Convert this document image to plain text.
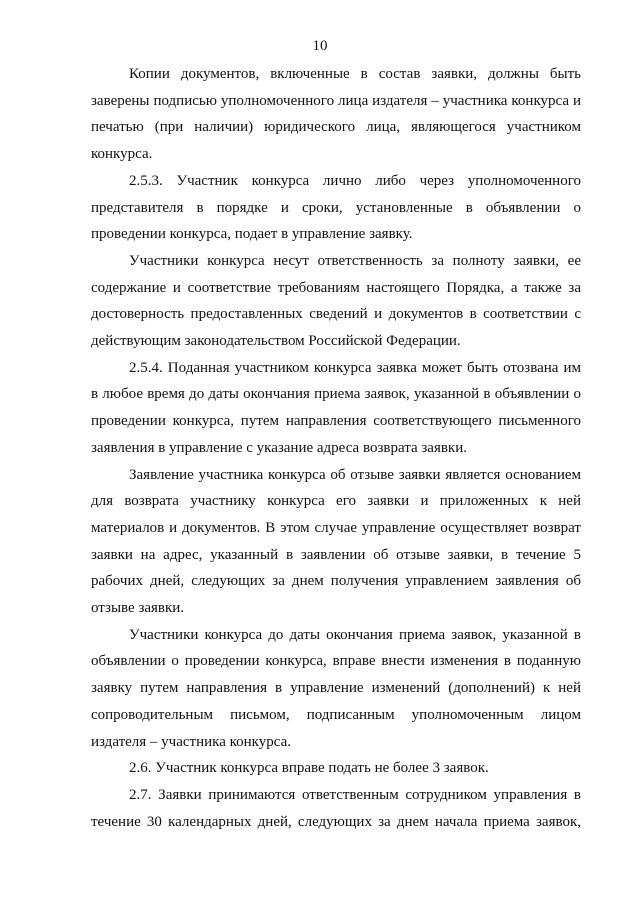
10

Копии документов, включенные в состав заявки, должны быть заверены подписью уполномоченного лица издателя – участника конкурса и печатью (при наличии) юридического лица, являющегося участником конкурса.

2.5.3. Участник конкурса лично либо через уполномоченного представителя в порядке и сроки, установленные в объявлении о проведении конкурса, подает в управление заявку.

Участники конкурса несут ответственность за полноту заявки, ее содержание и соответствие требованиям настоящего Порядка, а также за достоверность предоставленных сведений и документов в соответствии с действующим законодательством Российской Федерации.

2.5.4. Поданная участником конкурса заявка может быть отозвана им в любое время до даты окончания приема заявок, указанной в объявлении о проведении конкурса, путем направления соответствующего письменного заявления в управление с указание адреса возврата заявки.

Заявление участника конкурса об отзыве заявки является основанием для возврата участнику конкурса его заявки и приложенных к ней материалов и документов. В этом случае управление осуществляет возврат заявки на адрес, указанный в заявлении об отзыве заявки, в течение 5 рабочих дней, следующих за днем получения управлением заявления об отзыве заявки.

Участники конкурса до даты окончания приема заявок, указанной в объявлении о проведении конкурса, вправе внести изменения в поданную заявку путем направления в управление изменений (дополнений) к ней сопроводительным письмом, подписанным уполномоченным лицом издателя – участника конкурса.

2.6. Участник конкурса вправе подать не более 3 заявок.

2.7. Заявки принимаются ответственным сотрудником управления в течение 30 календарных дней, следующих за днем начала приема заявок,
